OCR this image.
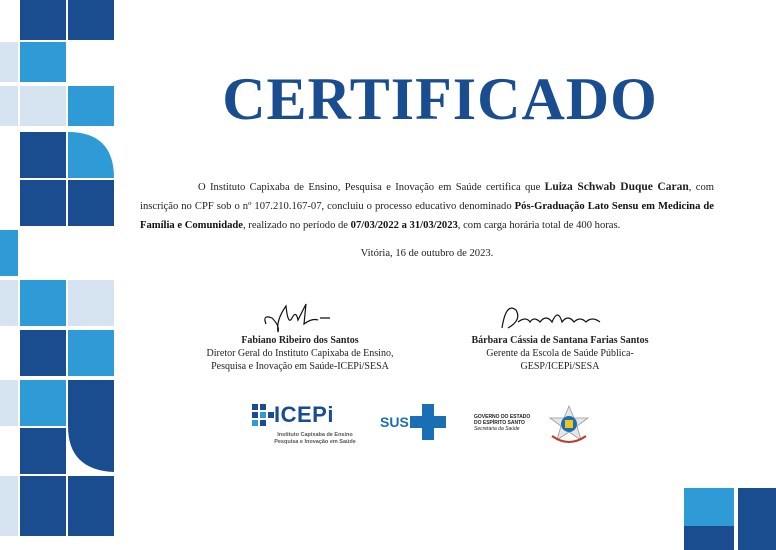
CERTIFICADO
O Instituto Capixaba de Ensino, Pesquisa e Inovação em Saúde certifica que Luiza Schwab Duque Caran, com inscrição no CPF sob o nº 107.210.167-07, concluiu o processo educativo denominado Pós-Graduação Lato Sensu em Medicina de Família e Comunidade, realizado no período de 07/03/2022 a 31/03/2023, com carga horária total de 400 horas.
Vitória, 16 de outubro de 2023.
Fabiano Ribeiro dos Santos
Diretor Geral do Instituto Capixaba de Ensino,
Pesquisa e Inovação em Saúde-ICEPi/SESA
Bárbara Cássia de Santana Farias Santos
Gerente da Escola de Saúde Pública-
GESP/ICEPi/SESA
ICEPi
Instituto Capixaba de Ensino
Pesquisa e Inovação em Saúde
SUS	GOVERNO DO ESTADO
DO ESPÍRITO SANTO
Secretaria da Saúde
